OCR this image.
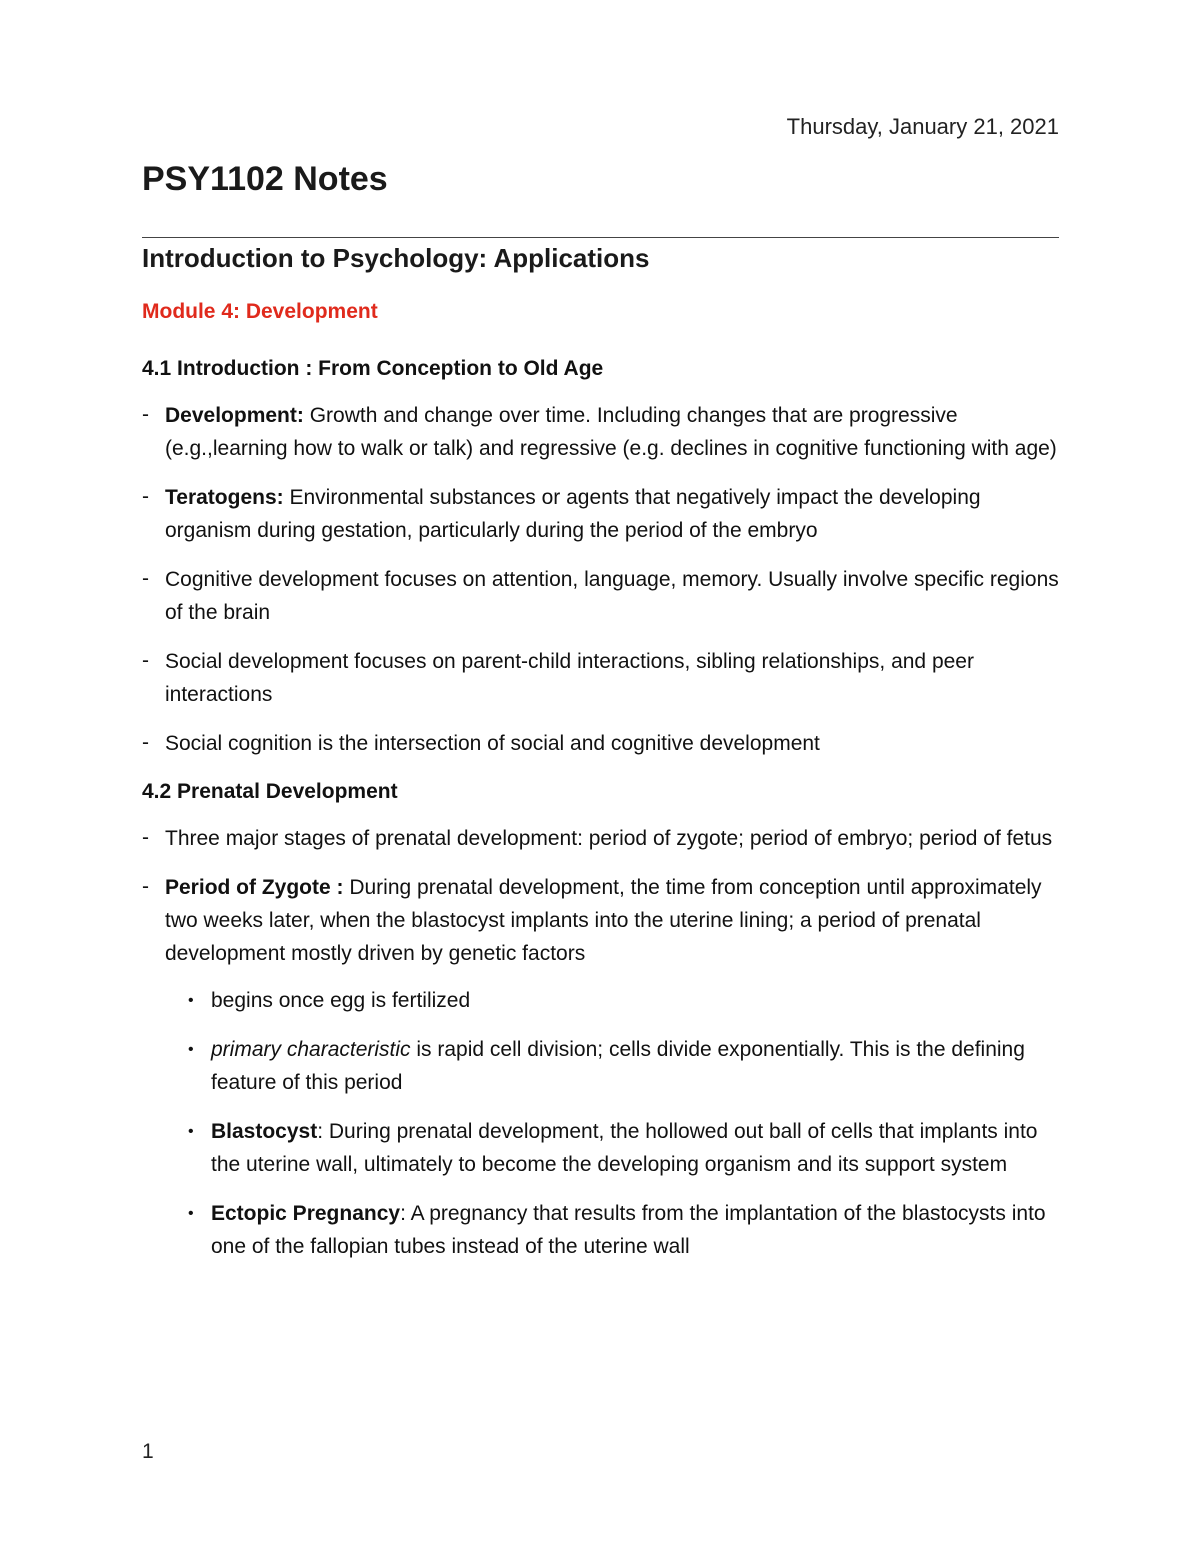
Thursday, January 21, 2021
PSY1102 Notes
Introduction to Psychology: Applications
Module 4: Development
4.1 Introduction : From Conception to Old Age
- Development: Growth and change over time. Including changes that are progressive (e.g.,learning how to walk or talk) and regressive (e.g. declines in cognitive functioning with age)
- Teratogens: Environmental substances or agents that negatively impact the developing organism during gestation, particularly during the period of the embryo
- Cognitive development focuses on attention, language, memory. Usually involve specific regions of the brain
- Social development focuses on parent-child interactions, sibling relationships, and peer interactions
- Social cognition is the intersection of social and cognitive development
4.2 Prenatal Development
- Three major stages of prenatal development: period of zygote; period of embryo; period of fetus
- Period of Zygote : During prenatal development, the time from conception until approximately two weeks later, when the blastocyst implants into the uterine lining; a period of prenatal development mostly driven by genetic factors
• begins once egg is fertilized
• primary characteristic is rapid cell division; cells divide exponentially. This is the defining feature of this period
• Blastocyst: During prenatal development, the hollowed out ball of cells that implants into the uterine wall, ultimately to become the developing organism and its support system
• Ectopic Pregnancy: A pregnancy that results from the implantation of the blastocysts into one of the fallopian tubes instead of the uterine wall
1
